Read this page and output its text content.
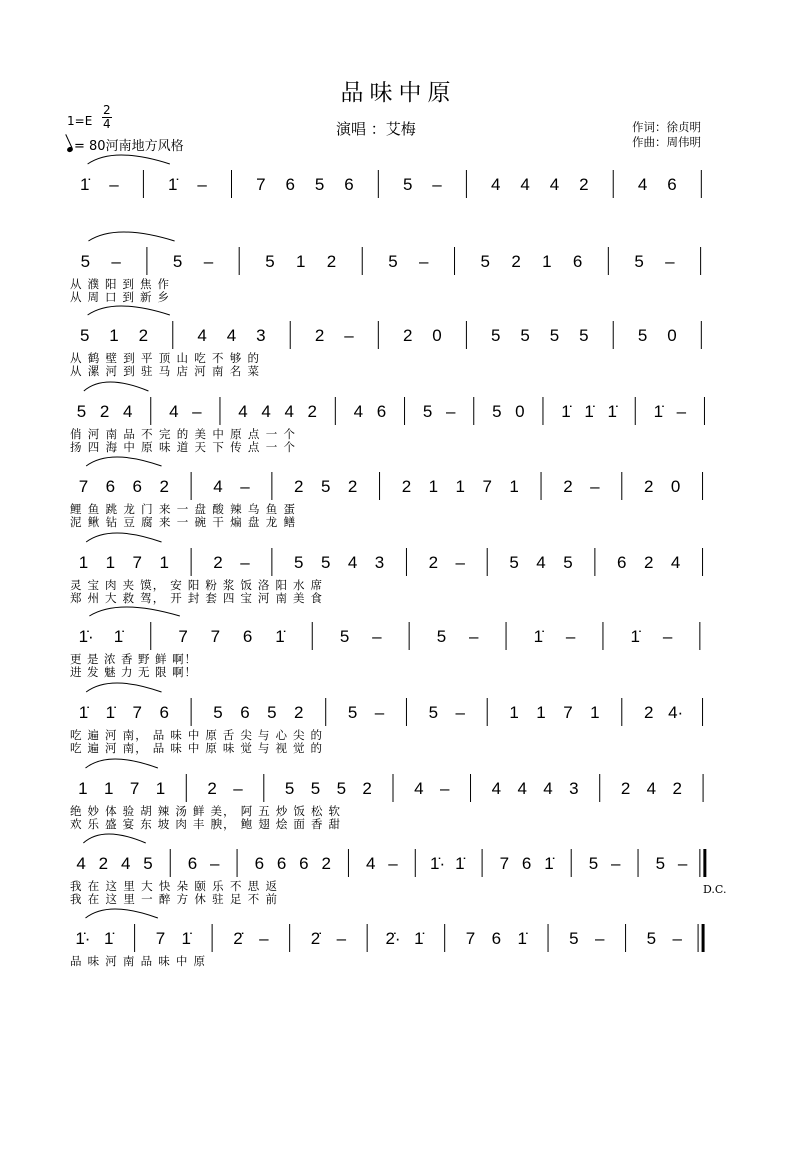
品味中原
1=E
2
4
= 80河南地方风格
演唱 ：艾梅	作词：徐贞明
作曲：周伟明
D.C.
1̇ –	1̇ –	7 6 5 6	5 –	4 4 4 2	4 6
5 –	5 –	5 1 2	5 –	5 2 1 6	5 –
从 濮 阳 到 焦 作
从 周 口 到 新 乡
5 1 2	4 4 3	2 –	2 0	5 5 5 5	5 0
从 鹤 壁 到 平 顶 山 吃 不 够 的
从 漯 河 到 驻 马 店 河 南 名 菜
5 2 4 4 – 4 4 4 2 4 6 5 – 5 0 1̇ 1̇ 1̇ 1̇ –
俏 河 南 品 不 完 的 美 中 原 点 一 个
扬 四 海 中 原 味 道 天 下 传 点 一 个
7 6 6 2	4 –	2 5 2	2 1 1 7 1	2 –	2 0
鲤 鱼 跳 龙 门 来 一 盘 酸 辣 乌 鱼 蛋
泥 鳅 钻 豆 腐 来 一 碗 干 煸 盘 龙 鳝
1 1 7 1	2 –	5 5 4 3	2 –	5 4 5	6 2 4
灵 宝 肉 夹 馍， 安 阳 粉 浆 饭 洛 阳 水 席
郑 州 大 救 驾， 开 封 套 四 宝 河 南 美 食
1̇· 1̇	7 7 6 1̇	5 –	5 –	1̇ –	1̇ –
更 是 浓 香 野 鲜 啊！
进 发 魅 力 无 限 啊！
1̇ 1̇ 7 6	5 6 5 2	5 –	5 –	1 1 7 1	2 4·
吃 遍 河 南， 品 味 中 原 舌 尖 与 心 尖 的
吃 遍 河 南， 品 味 中 原 味 觉 与 视 觉 的
1 1 7 1 2 – 5 5 5 2 4 – 4 4 4 3 2 4 2
绝 妙 体 验 胡 辣 汤 鲜 美， 阿 五 炒 饭 松 软
欢 乐 盛 宴 东 坡 肉 丰 腴， 鲍 翅 烩 面 香 甜
4 2 4 5 6 – 6 6 6 2 4 – 1̇· 1̇ 7 6 1̇ 5 – 5 –
我 在 这 里 大 快 朵 颐 乐 不 思 返
我 在 这 里 一 醉 方 休 驻 足 不 前
1̇· 1̇ 7 1̇ 2̇ – 2̇ – 2̇· 1̇ 7 6 1̇ 5 – 5 –
品 味 河 南 品 味 中 原
